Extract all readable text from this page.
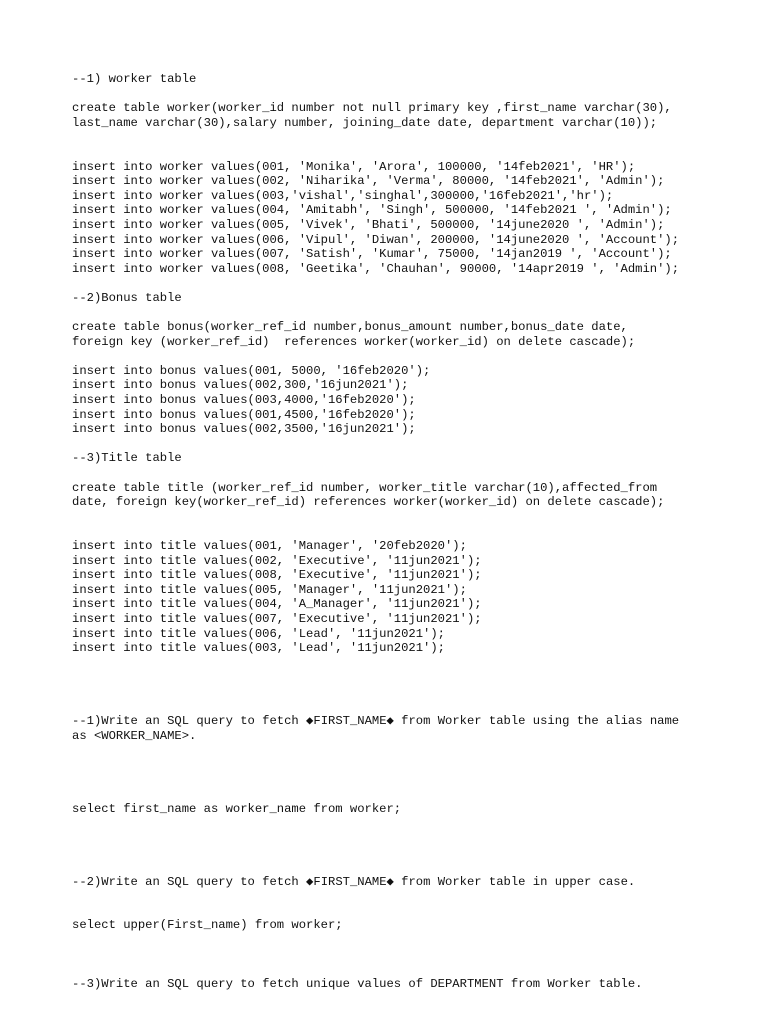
--1) worker table
create table worker(worker_id number not null primary key ,first_name varchar(30),
last_name varchar(30),salary number, joining_date date, department varchar(10));
insert into worker values(001, 'Monika', 'Arora', 100000, '14feb2021', 'HR');
insert into worker values(002, 'Niharika', 'Verma', 80000, '14feb2021', 'Admin');
insert into worker values(003,'vishal','singhal',300000,'16feb2021','hr');
insert into worker values(004, 'Amitabh', 'Singh', 500000, '14feb2021 ', 'Admin');
insert into worker values(005, 'Vivek', 'Bhati', 500000, '14june2020 ', 'Admin');
insert into worker values(006, 'Vipul', 'Diwan', 200000, '14june2020 ', 'Account');
insert into worker values(007, 'Satish', 'Kumar', 75000, '14jan2019 ', 'Account');
insert into worker values(008, 'Geetika', 'Chauhan', 90000, '14apr2019 ', 'Admin');
--2)Bonus table
create table bonus(worker_ref_id number,bonus_amount number,bonus_date date,
foreign key (worker_ref_id)  references worker(worker_id) on delete cascade);
insert into bonus values(001, 5000, '16feb2020');
insert into bonus values(002,300,'16jun2021');
insert into bonus values(003,4000,'16feb2020');
insert into bonus values(001,4500,'16feb2020');
insert into bonus values(002,3500,'16jun2021');
--3)Title table
create table title (worker_ref_id number, worker_title varchar(10),affected_from
date, foreign key(worker_ref_id) references worker(worker_id) on delete cascade);
insert into title values(001, 'Manager', '20feb2020');
insert into title values(002, 'Executive', '11jun2021');
insert into title values(008, 'Executive', '11jun2021');
insert into title values(005, 'Manager', '11jun2021');
insert into title values(004, 'A_Manager', '11jun2021');
insert into title values(007, 'Executive', '11jun2021');
insert into title values(006, 'Lead', '11jun2021');
insert into title values(003, 'Lead', '11jun2021');
--1)Write an SQL query to fetch ◆FIRST_NAME◆ from Worker table using the alias name
as <WORKER_NAME>.
select first_name as worker_name from worker;
--2)Write an SQL query to fetch ◆FIRST_NAME◆ from Worker table in upper case.
select upper(First_name) from worker;
--3)Write an SQL query to fetch unique values of DEPARTMENT from Worker table.
